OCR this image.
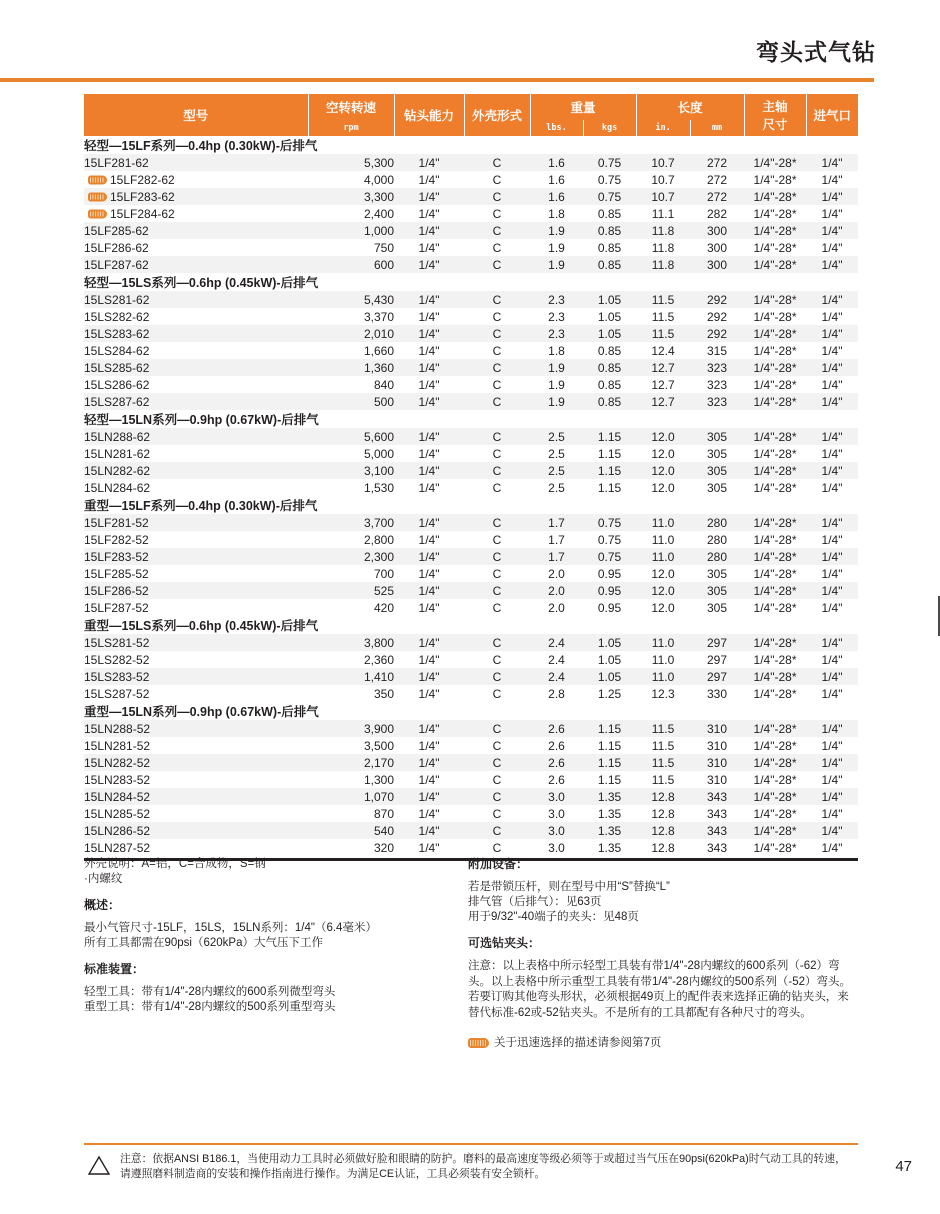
弯头式气钻
型号	空转转速	钻头能力	外壳形式	重量		长度		主轴
尺寸	进气口
	rpm			lbs.	kgs	in.	mm		
轻型—15LF系列—0.4hp (0.30kW)-后排气									
15LF281-62	5,300	1/4"	C	1.6	0.75	10.7	272	1/4"-28*	1/4"

15LF282-62	4,000	1/4"	C	1.6	0.75	10.7	272	1/4"-28*	1/4"

15LF283-62	3,300	1/4"	C	1.6	0.75	10.7	272	1/4"-28*	1/4"

15LF284-62	2,400	1/4"	C	1.8	0.85	11.1	282	1/4"-28*	1/4"
15LF285-62	1,000	1/4"	C	1.9	0.85	11.8	300	1/4"-28*	1/4"
15LF286-62	750	1/4"	C	1.9	0.85	11.8	300	1/4"-28*	1/4"
15LF287-62	600	1/4"	C	1.9	0.85	11.8	300	1/4"-28*	1/4"
轻型—15LS系列—0.6hp (0.45kW)-后排气									
15LS281-62	5,430	1/4"	C	2.3	1.05	11.5	292	1/4"-28*	1/4"
15LS282-62	3,370	1/4"	C	2.3	1.05	11.5	292	1/4"-28*	1/4"
15LS283-62	2,010	1/4"	C	2.3	1.05	11.5	292	1/4"-28*	1/4"
15LS284-62	1,660	1/4"	C	1.8	0.85	12.4	315	1/4"-28*	1/4"
15LS285-62	1,360	1/4"	C	1.9	0.85	12.7	323	1/4"-28*	1/4"
15LS286-62	840	1/4"	C	1.9	0.85	12.7	323	1/4"-28*	1/4"
15LS287-62	500	1/4"	C	1.9	0.85	12.7	323	1/4"-28*	1/4"
轻型—15LN系列—0.9hp (0.67kW)-后排气									
15LN288-62	5,600	1/4"	C	2.5	1.15	12.0	305	1/4"-28*	1/4"
15LN281-62	5,000	1/4"	C	2.5	1.15	12.0	305	1/4"-28*	1/4"
15LN282-62	3,100	1/4"	C	2.5	1.15	12.0	305	1/4"-28*	1/4"
15LN284-62	1,530	1/4"	C	2.5	1.15	12.0	305	1/4"-28*	1/4"
重型—15LF系列—0.4hp (0.30kW)-后排气									
15LF281-52	3,700	1/4"	C	1.7	0.75	11.0	280	1/4"-28*	1/4"
15LF282-52	2,800	1/4"	C	1.7	0.75	11.0	280	1/4"-28*	1/4"
15LF283-52	2,300	1/4"	C	1.7	0.75	11.0	280	1/4"-28*	1/4"
15LF285-52	700	1/4"	C	2.0	0.95	12.0	305	1/4"-28*	1/4"
15LF286-52	525	1/4"	C	2.0	0.95	12.0	305	1/4"-28*	1/4"
15LF287-52	420	1/4"	C	2.0	0.95	12.0	305	1/4"-28*	1/4"
重型—15LS系列—0.6hp (0.45kW)-后排气									
15LS281-52	3,800	1/4"	C	2.4	1.05	11.0	297	1/4"-28*	1/4"
15LS282-52	2,360	1/4"	C	2.4	1.05	11.0	297	1/4"-28*	1/4"
15LS283-52	1,410	1/4"	C	2.4	1.05	11.0	297	1/4"-28*	1/4"
15LS287-52	350	1/4"	C	2.8	1.25	12.3	330	1/4"-28*	1/4"
重型—15LN系列—0.9hp (0.67kW)-后排气									
15LN288-52	3,900	1/4"	C	2.6	1.15	11.5	310	1/4"-28*	1/4"
15LN281-52	3,500	1/4"	C	2.6	1.15	11.5	310	1/4"-28*	1/4"
15LN282-52	2,170	1/4"	C	2.6	1.15	11.5	310	1/4"-28*	1/4"
15LN283-52	1,300	1/4"	C	2.6	1.15	11.5	310	1/4"-28*	1/4"
15LN284-52	1,070	1/4"	C	3.0	1.35	12.8	343	1/4"-28*	1/4"
15LN285-52	870	1/4"	C	3.0	1.35	12.8	343	1/4"-28*	1/4"
15LN286-52	540	1/4"	C	3.0	1.35	12.8	343	1/4"-28*	1/4"
15LN287-52	320	1/4"	C	3.0	1.35	12.8	343	1/4"-28*	1/4"
外壳说明：A=铝，C=合成物，S=钢
·内螺纹
概述：
最小气管尺寸-15LF，15LS，15LN系列：1/4"（6.4毫米）
所有工具都需在90psi（620kPa）大气压下工作
标准装置：
轻型工具：带有1/4"-28内螺纹的600系列微型弯头
重型工具：带有1/4"-28内螺纹的500系列重型弯头
附加设备：
若是带锁压杆，则在型号中用“S”替换“L”
排气管（后排气）：见63页
用于9/32"-40端子的夹头：见48页
可选钻夹头：
注意：以上表格中所示轻型工具装有带1/4"-28内螺纹的600系列（-62）弯头。以上表格中所示重型工具装有带1/4"-28内螺纹的500系列（-52）弯头。若要订购其他弯头形状，必须根据49页上的配件表来选择正确的钻夹头，来替代标准-62或-52钻夹头。不是所有的工具都配有各种尺寸的弯头。
关于迅速选择的描述请参阅第7页
注意：依据ANSI B186.1，当使用动力工具时必须做好脸和眼睛的防护。磨料的最高速度等级必须等于或超过当气压在90psi(620kPa)时气动工具的转速，请遵照磨料制造商的安装和操作指南进行操作。为满足CE认证，工具必须装有安全锁杆。	47
